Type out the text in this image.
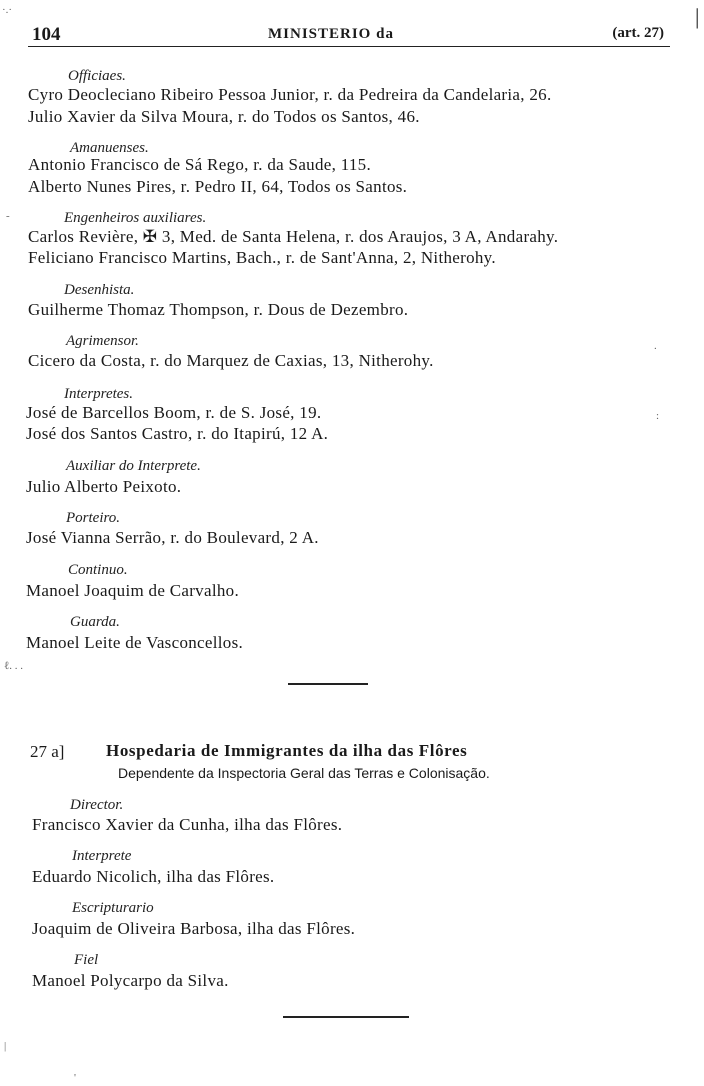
104	MINISTERIO da	(art. 27)
Officiaes.
Cyro Deocleciano Ribeiro Pessoa Junior, r. da Pedreira da Candelaria, 26.
Julio Xavier da Silva Moura, r. do Todos os Santos, 46.
Amanuenses.
Antonio Francisco de Sá Rego, r. da Saude, 115.
Alberto Nunes Pires, r. Pedro II, 64, Todos os Santos.
Engenheiros auxiliares.
Carlos Revière, ✠ 3, Med. de Santa Helena, r. dos Araujos, 3 A, Andarahy.
Feliciano Francisco Martins, Bach., r. de Sant'Anna, 2, Nitherohy.
Desenhista.
Guilherme Thomaz Thompson, r. Dous de Dezembro.
Agrimensor.
Cicero da Costa, r. do Marquez de Caxias, 13, Nitherohy.
Interpretes.
José de Barcellos Boom, r. de S. José, 19.
José dos Santos Castro, r. do Itapirú, 12 A.
Auxiliar do Interprete.
Julio Alberto Peixoto.
Porteiro.
José Vianna Serrão, r. do Boulevard, 2 A.
Continuo.
Manoel Joaquim de Carvalho.
Guarda.
Manoel Leite de Vasconcellos.
27 a] Hospedaria de Immigrantes da ilha das Flôres
Dependente da Inspectoria Geral das Terras e Colonisação.
Director.
Francisco Xavier da Cunha, ilha das Flôres.
Interprete
Eduardo Nicolich, ilha das Flôres.
Escripturario
Joaquim de Oliveira Barbosa, ilha das Flôres.
Fiel
Manoel Polycarpo da Silva.
·.·
-
.
:
ℓ. . .
'
|
|
